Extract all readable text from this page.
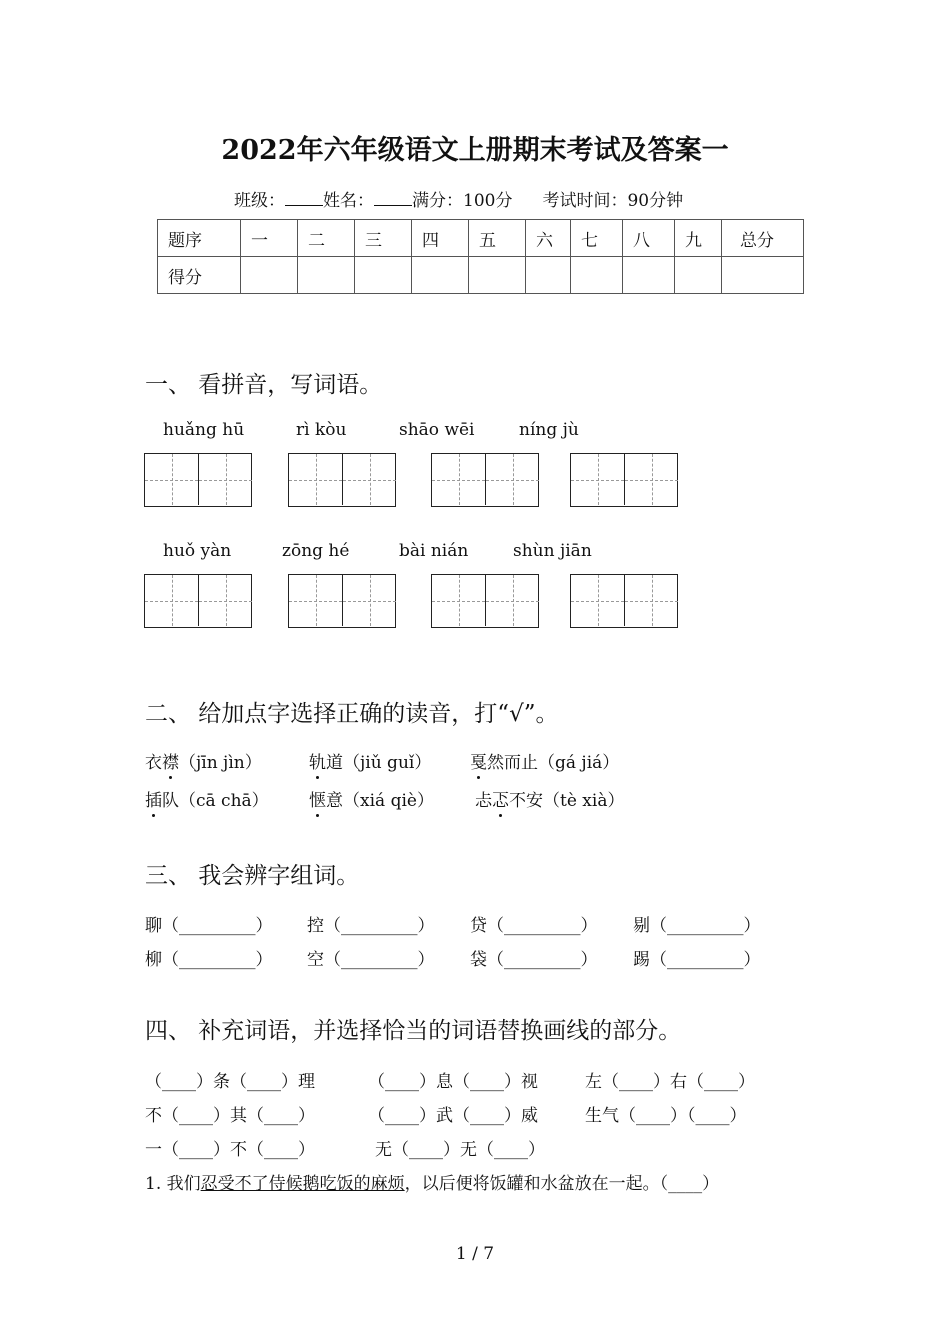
2022年六年级语文上册期末考试及答案一
班级： 姓名： 满分：100分 考试时间：90分钟
题序	一	二	三	四	五	六	七	八	九	总分
得分										
一、 看拼音，写词语。
huǎng hū	rì kòu	shāo wēi	níng jù
huǒ yàn	zōng hé	bài nián	shùn jiān
二、 给加点字选择正确的读音，打“√”。
衣襟（jīn jìn）	轨道（jiǔ guǐ） 戛然而止（gá jiá）
插队（cā chā） 惬意（xiá qiè） 忐忑不安（tè xià）
三、 我会辨字组词。
聊（_________） 控（_________） 贷（_________） 剔（_________）
柳（_________） 空（_________） 袋（_________） 踢（_________）
四、 补充词语，并选择恰当的词语替换画线的部分。
（____）条（____）理	（____）息（____）视	左（____）右（____）
不（____）其（____）	（____）武（____）威	生气（____）（____）
一（____）不（____）	无（____）无（____）
1. 我们忍受不了侍候鹅吃饭的麻烦，以后便将饭罐和水盆放在一起。（____）
1 / 7
